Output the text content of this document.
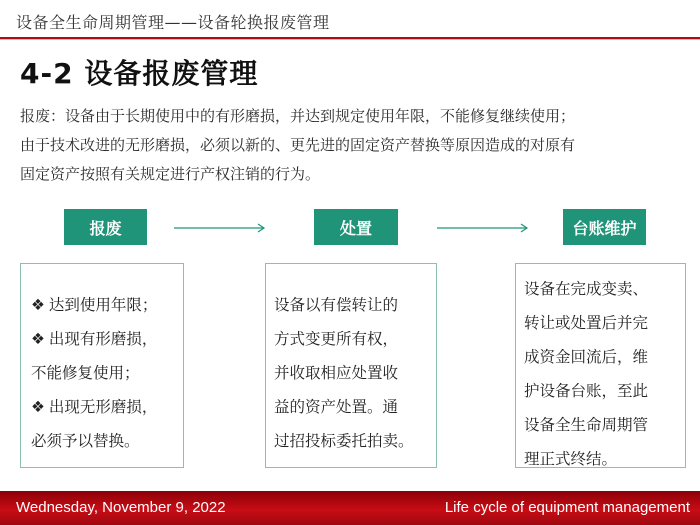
设备全生命周期管理——设备轮换报废管理
4-2 设备报废管理

报废：设备由于长期使用中的有形磨损，并达到规定使用年限，不能修复继续使用；

由于技术改进的无形磨损，必须以新的、更先进的固定资产替换等原因造成的对原有

固定资产按照有关规定进行产权注销的行为。

报废	处置	台账维护
❖ 达到使用年限；
❖ 出现有形磨损，
不能修复使用；
❖ 出现无形磨损，
必须予以替换。
设备以有偿转让的
方式变更所有权，
并收取相应处置收
益的资产处置。通
过招投标委托拍卖。
设备在完成变卖、
转让或处置后并完
成资金回流后，维
护设备台账，至此
设备全生命周期管
理正式终结。
Wednesday, November 9, 2022	Life cycle of equipment management
